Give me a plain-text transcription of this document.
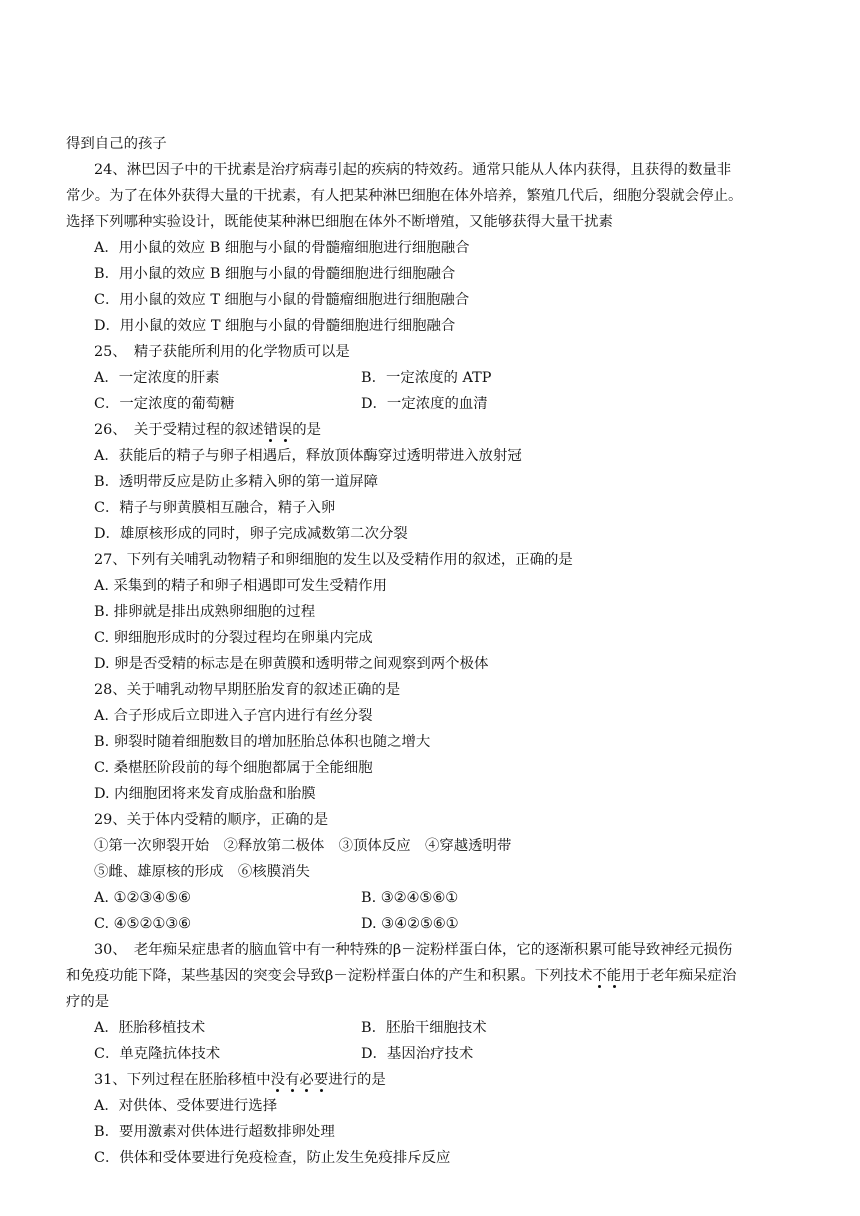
得到自己的孩子
24、淋巴因子中的干扰素是治疗病毒引起的疾病的特效药。通常只能从人体内获得，且获得的数量非
常少。为了在体外获得大量的干扰素，有人把某种淋巴细胞在体外培养，繁殖几代后，细胞分裂就会停止。
选择下列哪种实验设计，既能使某种淋巴细胞在体外不断增殖，又能够获得大量干扰素
A．用小鼠的效应 B 细胞与小鼠的骨髓瘤细胞进行细胞融合
B．用小鼠的效应 B 细胞与小鼠的骨髓细胞进行细胞融合
C．用小鼠的效应 T 细胞与小鼠的骨髓瘤细胞进行细胞融合
D．用小鼠的效应 T 细胞与小鼠的骨髓细胞进行细胞融合
25、　精子获能所利用的化学物质可以是
A．一定浓度的肝素	B．一定浓度的 ATP
C．一定浓度的葡萄糖	D．一定浓度的血清
26、　关于受精过程的叙述错误的是
A．获能后的精子与卵子相遇后，释放顶体酶穿过透明带进入放射冠
B．透明带反应是防止多精入卵的第一道屏障
C．精子与卵黄膜相互融合，精子入卵
D．雄原核形成的同时，卵子完成减数第二次分裂
27、下列有关哺乳动物精子和卵细胞的发生以及受精作用的叙述，正确的是
A. 采集到的精子和卵子相遇即可发生受精作用
B. 排卵就是排出成熟卵细胞的过程
C. 卵细胞形成时的分裂过程均在卵巢内完成
D. 卵是否受精的标志是在卵黄膜和透明带之间观察到两个极体
28、关于哺乳动物早期胚胎发育的叙述正确的是
A. 合子形成后立即进入子宫内进行有丝分裂
B. 卵裂时随着细胞数目的增加胚胎总体积也随之增大
C. 桑椹胚阶段前的每个细胞都属于全能细胞
D. 内细胞团将来发育成胎盘和胎膜
29、关于体内受精的顺序，正确的是
①第一次卵裂开始　②释放第二极体　③顶体反应　④穿越透明带
⑤雌、雄原核的形成　⑥核膜消失
A. ①②③④⑤⑥	B. ③②④⑤⑥①
C. ④⑤②①③⑥	D. ③④②⑤⑥①
30、　老年痴呆症患者的脑血管中有一种特殊的β－淀粉样蛋白体，它的逐渐积累可能导致神经元损伤
和免疫功能下降，某些基因的突变会导致β－淀粉样蛋白体的产生和积累。下列技术不能用于老年痴呆症治
疗的是
A．胚胎移植技术	B．胚胎干细胞技术
C．单克隆抗体技术	D．基因治疗技术
31、下列过程在胚胎移植中没有必要进行的是
A．对供体、受体要进行选择
B．要用激素对供体进行超数排卵处理
C．供体和受体要进行免疫检查，防止发生免疫排斥反应
